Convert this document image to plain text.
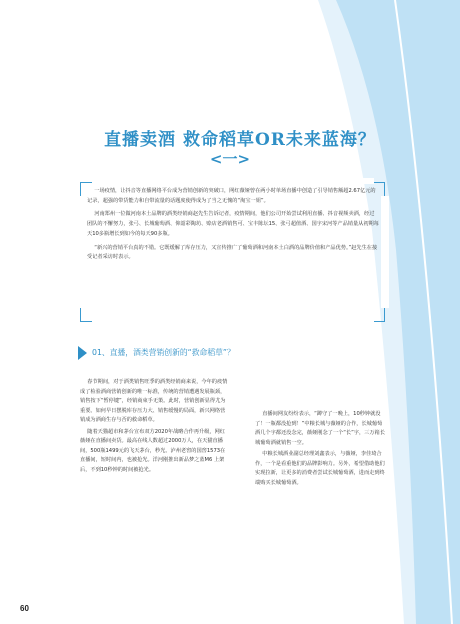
直播卖酒 救命稻草OR未来蓝海？
<一>

一场疫情，让抖音等直播网络平台成为营销创新的突破口，网红薇娅曾在两小时单场直播中创造了引导销售额超2.67亿元的记录，超强的带货能力和自带流量的话题度使得成为了当之无愧的“淘宝一姐”。

河南郑州一位做河南本土品牌的酒类经销商赵先生告诉记者，疫情期间，他们公司开始尝试利用直播、抖音视频卖酒，经过团队的不懈努力，张弓、长城葡萄酒、仰韶彩陶坊、赊店老酒销售可、宝丰陈坛15、张弓超值酒、国字宋河等产品销量从初期每天10多瓶增长到如今的每天90多瓶。

“新兴的营销平台真的不错。它既缓解了库存压力，又宣传推广了葡萄酒和河南本土白酒的品牌价值和产品优势。”赵先生在接受记者采访时表示。

01、直播，酒类营销创新的“救命稻草”？

春节期间，对于酒类销售旺季的酒类经销商来说，今年的疫情成了检验酒商营销创新的唯一标准，传统的营销遭遇发展瓶颈，销售按下“暂停键”，经销商束手无策。此时，营销创新显得尤为重要。如何早日摆脱库存压力大、销售缓慢的局面，新兴网络营销成为酒商生存与否的救命稻草。

随着天猫超市和茅台宣布双方2020年战略合作再升级，网红薇娅在直播间卖货。最高在线人数超过2000万人，在天猫直播间，500瓶1499元的飞天茅台，秒光。泸州老窖的国窖1573在直播间，短时间内，也被抢光。洋河刚推出新品梦之蓝M6 上架后，不到10秒钟的时间被抢光。

直播间网友纷纷表示，“蹲守了一晚上，10秒钟就没了！一瓶都没抢到！”中粮长城与薇娅的合作，长城葡萄酒几个字都还没念完，薇娅刚念了一个“长”字，三万箱长城葡萄酒就销售一空。

中粮长城酒业副总经理刘鑫表示，与薇娅，李佳琦合作，一个是看重他们的品牌影响力。另外，希望借助他们实现拉新，让更多的消费者尝试长城葡萄酒，进而走到终端购买长城葡萄酒。

60
